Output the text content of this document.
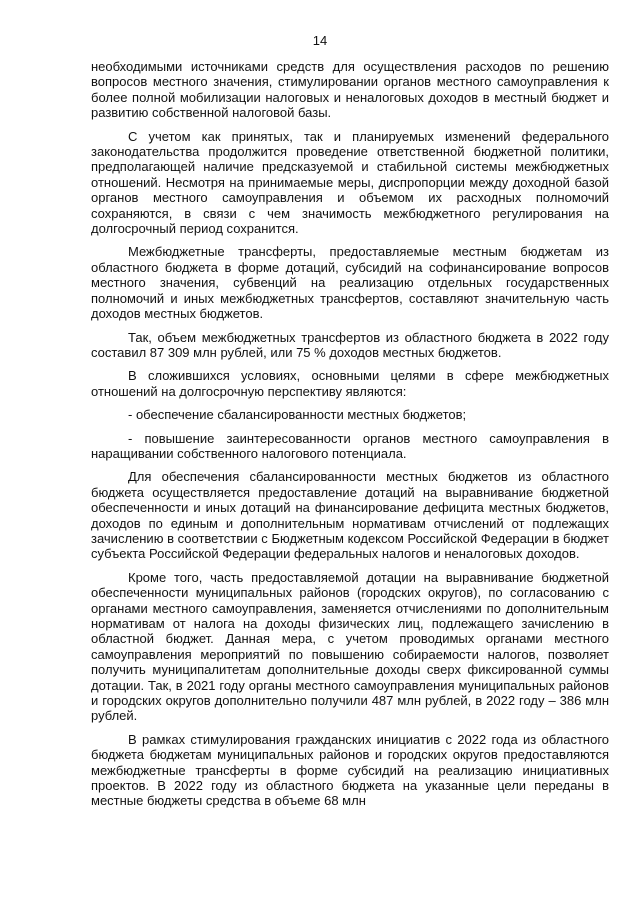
14

необходимыми источниками средств для осуществления расходов по решению вопросов местного значения, стимулировании органов местного самоуправления к более полной мобилизации налоговых и неналоговых доходов в местный бюджет и развитию собственной налоговой базы.

С учетом как принятых, так и планируемых изменений федерального законодательства продолжится проведение ответственной бюджетной политики, предполагающей наличие предсказуемой и стабильной системы межбюджетных отношений. Несмотря на принимаемые меры, диспропорции между доходной базой органов местного самоуправления и объемом их расходных полномочий сохраняются, в связи с чем значимость межбюджетного регулирования на долгосрочный период сохранится.

Межбюджетные трансферты, предоставляемые местным бюджетам из областного бюджета в форме дотаций, субсидий на софинансирование вопросов местного значения, субвенций на реализацию отдельных государственных полномочий и иных межбюджетных трансфертов, составляют значительную часть доходов местных бюджетов.

Так, объем межбюджетных трансфертов из областного бюджета в 2022 году составил 87 309 млн рублей, или 75 % доходов местных бюджетов.

В сложившихся условиях, основными целями в сфере межбюджетных отношений на долгосрочную перспективу являются:

- обеспечение сбалансированности местных бюджетов;

- повышение заинтересованности органов местного самоуправления в наращивании собственного налогового потенциала.

Для обеспечения сбалансированности местных бюджетов из областного бюджета осуществляется предоставление дотаций на выравнивание бюджетной обеспеченности и иных дотаций на финансирование дефицита местных бюджетов, доходов по единым и дополнительным нормативам отчислений от подлежащих зачислению в соответствии с Бюджетным кодексом Российской Федерации в бюджет субъекта Российской Федерации федеральных налогов и неналоговых доходов.

Кроме того, часть предоставляемой дотации на выравнивание бюджетной обеспеченности муниципальных районов (городских округов), по согласованию с органами местного самоуправления, заменяется отчислениями по дополнительным нормативам от налога на доходы физических лиц, подлежащего зачислению в областной бюджет. Данная мера, с учетом проводимых органами местного самоуправления мероприятий по повышению собираемости налогов, позволяет получить муниципалитетам дополнительные доходы сверх фиксированной суммы дотации. Так, в 2021 году органы местного самоуправления муниципальных районов и городских округов дополнительно получили 487 млн рублей, в 2022 году – 386 млн рублей.

В рамках стимулирования гражданских инициатив с 2022 года из областного бюджета бюджетам муниципальных районов и городских округов предоставляются межбюджетные трансферты в форме субсидий на реализацию инициативных проектов. В 2022 году из областного бюджета на указанные цели переданы в местные бюджеты средства в объеме 68 млн
